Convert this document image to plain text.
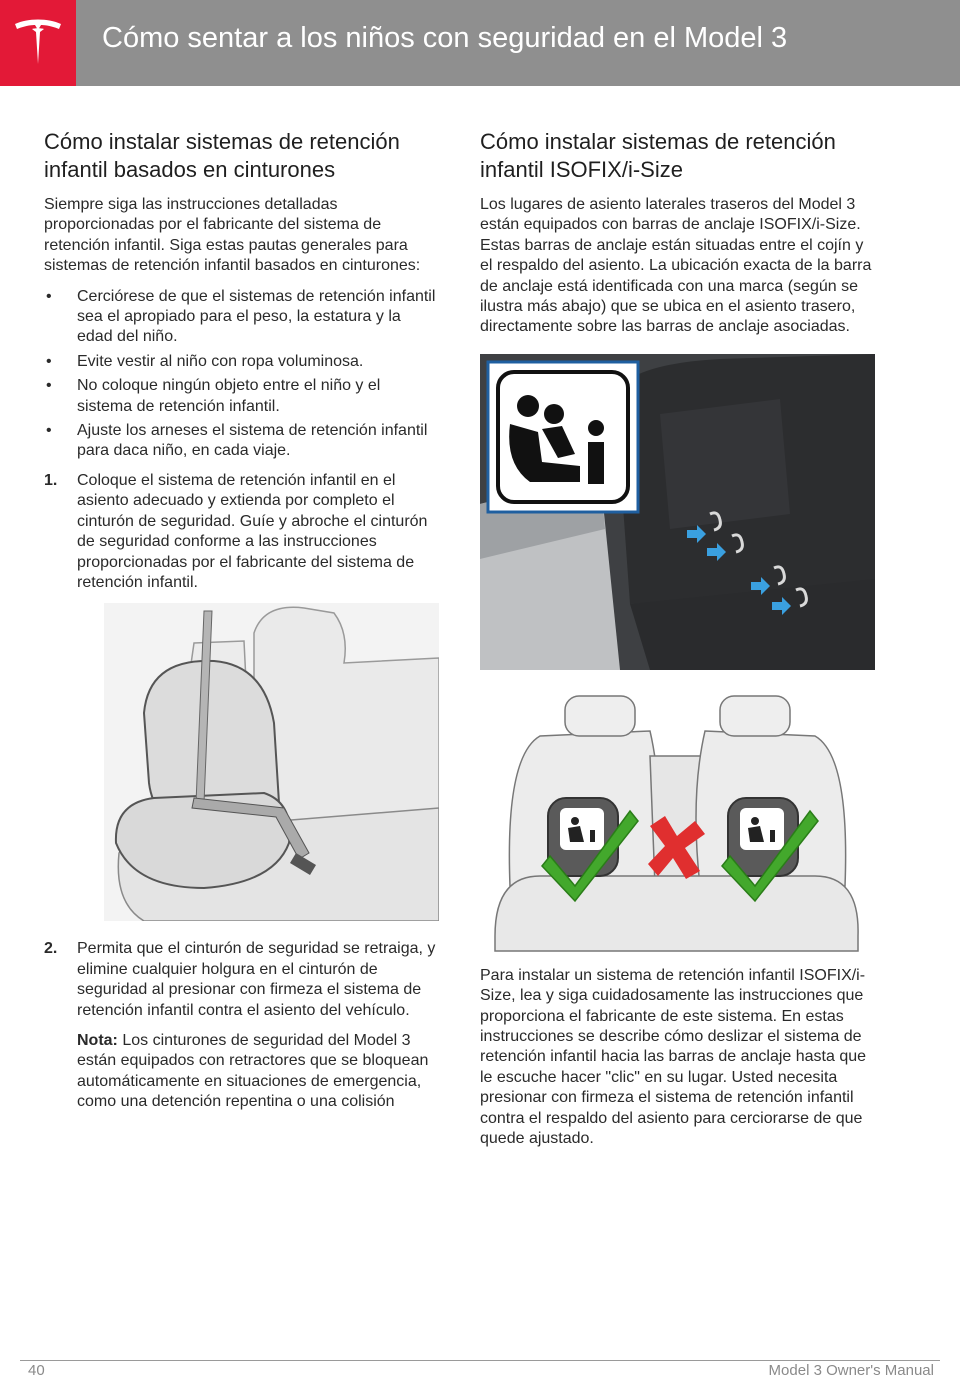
Cómo sentar a los niños con seguridad en el Model 3
Cómo instalar sistemas de retención infantil basados en cinturones

Siempre siga las instrucciones detalladas proporcionadas por el fabricante del sistema de retención infantil. Siga estas pautas generales para sistemas de retención infantil basados en cinturones:

• Cerciórese de que el sistemas de retención infantil sea el apropiado para el peso, la estatura y la edad del niño.
• Evite vestir al niño con ropa voluminosa.
• No coloque ningún objeto entre el niño y el sistema de retención infantil.
• Ajuste los arneses el sistema de retención infantil para daca niño, en cada viaje.
1. Coloque el sistema de retención infantil en el asiento adecuado y extienda por completo el cinturón de seguridad. Guíe y abroche el cinturón de seguridad conforme a las instrucciones proporcionadas por el fabricante del sistema de retención infantil.
2. Permita que el cinturón de seguridad se retraiga, y elimine cualquier holgura en el cinturón de seguridad al presionar con firmeza el sistema de retención infantil contra el asiento del vehículo.

Nota: Los cinturones de seguridad del Model 3 están equipados con retractores que se bloquean automáticamente en situaciones de emergencia, como una detención repentina o una colisión

Cómo instalar sistemas de retención infantil ISOFIX/i-Size

Los lugares de asiento laterales traseros del Model 3 están equipados con barras de anclaje ISOFIX/i-Size. Estas barras de anclaje están situadas entre el cojín y el respaldo del asiento. La ubicación exacta de la barra de anclaje está identificada con una marca (según se ilustra más abajo) que se ubica en el asiento trasero, directamente sobre las barras de anclaje asociadas.

Para instalar un sistema de retención infantil ISOFIX/i-Size, lea y siga cuidadosamente las instrucciones que proporciona el fabricante de este sistema. En estas instrucciones se describe cómo deslizar el sistema de retención infantil hacia las barras de anclaje hasta que le escuche hacer "clic" en su lugar. Usted necesita presionar con firmeza el sistema de retención infantil contra el respaldo del asiento para cerciorarse de que quede ajustado.

40	Model 3 Owner's Manual
